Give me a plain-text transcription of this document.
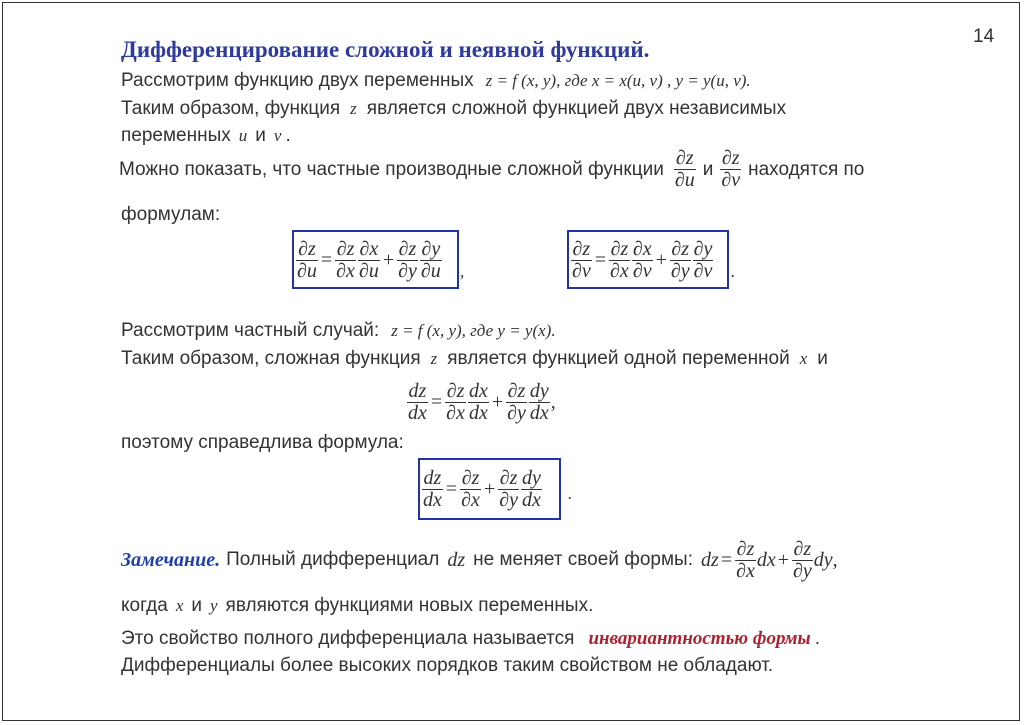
14
Дифференцирование сложной и неявной функций.
Рассмотрим функцию двух переменных z = f (x, y), где x = x(u, v) , y = y(u, v).
Таким образом, функция z является сложной функцией двух независимых
переменных u и v .
Можно показать, что частные производные сложной функции ∂z
∂u и ∂z
∂v находятся по
формулам:
$\frac{\partial z}{\partial u} = \frac{\partial z}{\partial x} \partial x$
$\partial u + \frac{\partial z}{\partial y} \partial y$
∂u ,	$\frac{\partial z}{\partial v} = \frac{\partial z}{\partial x} \partial x$
$\partial v + \frac{\partial z}{\partial y} \partial y$
∂v .
Рассмотрим частный случай: z = f (x, y), где y = y(x).
Таким образом, сложная функция z является функцией одной переменной x и
$\frac{dz}{dx} = \frac{\partial z}{\partial x}$ dx
dx + $\frac{\partial z}{\partial y}$ dy
dx ,
поэтому справедлива формула:
$\frac{dz}{dx} = \frac{\partial z}{\partial x} + \frac{\partial z}{\partial y}$ dy
dx .
Замечание. Полный дифференциал dz не меняет своей формы: dz = $\frac{\partial z}{\partial x}$ dx + $\frac{\partial z}{\partial y}$ dy ,
когда x и y являются функциями новых переменных.
Это свойство полного дифференциала называется инвариантностью формы .
Дифференциалы более высоких порядков таким свойством не обладают.
